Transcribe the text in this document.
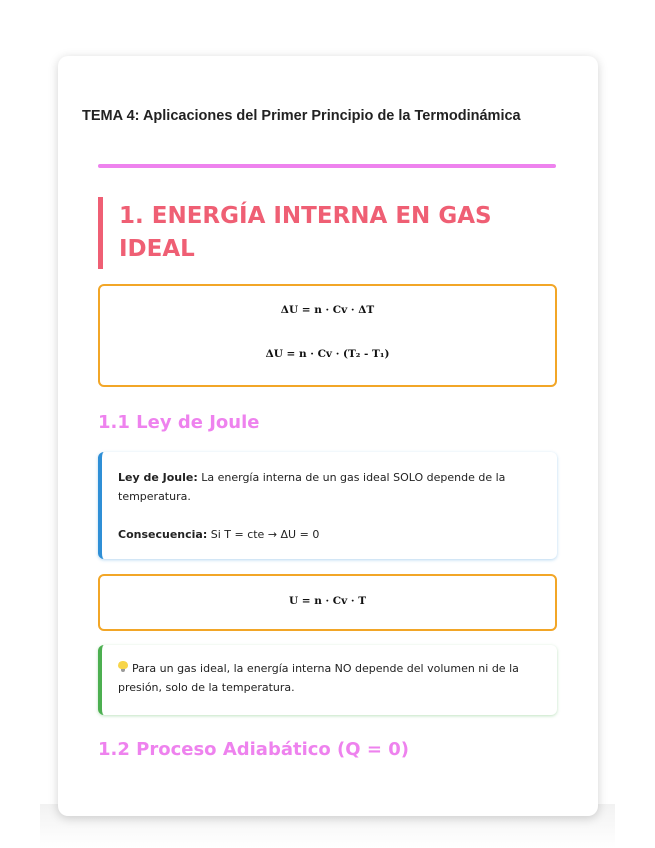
TEMA 4: Aplicaciones del Primer Principio de la Termodinámica
1. ENERGÍA INTERNA EN GAS IDEAL
ΔU = n · Cv · ΔT
ΔU = n · Cv · (T₂ - T₁)
1.1 Ley de Joule
Ley de Joule: La energía interna de un gas ideal SOLO depende de la temperatura.
Consecuencia: Si T = cte → ΔU = 0
U = n · Cv · T
Para un gas ideal, la energía interna NO depende del volumen ni de la presión, solo de la temperatura.
1.2 Proceso Adiabático (Q = 0)
